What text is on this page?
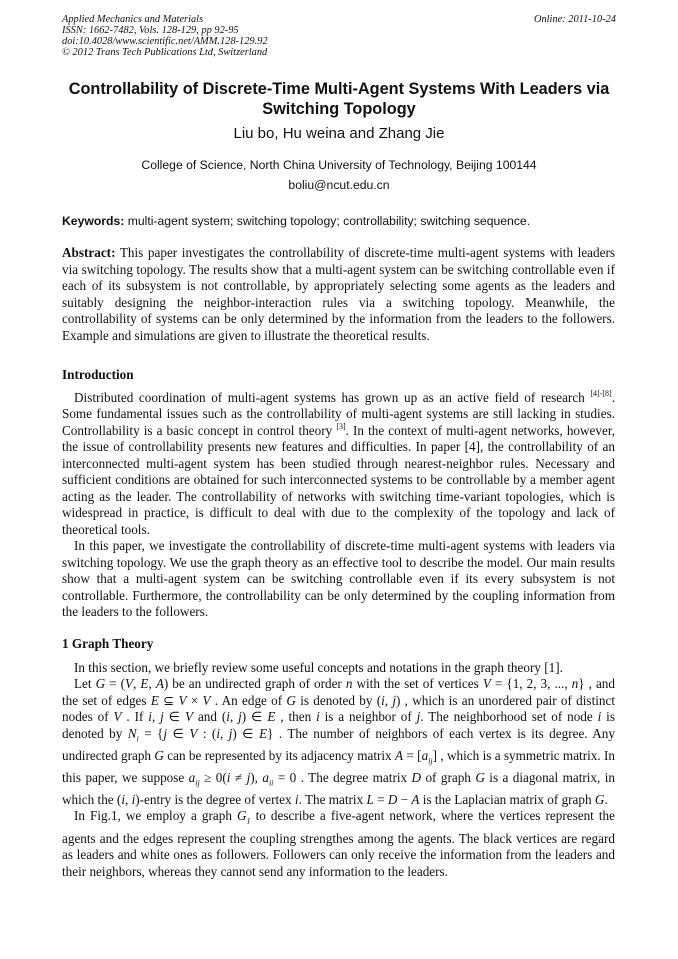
Applied Mechanics and Materials
ISSN: 1662-7482, Vols. 128-129, pp 92-95
doi:10.4028/www.scientific.net/AMM.128-129.92
© 2012 Trans Tech Publications Ltd, Switzerland
Online: 2011-10-24
Controllability of Discrete-Time Multi-Agent Systems With Leaders via Switching Topology
Liu bo, Hu weina and Zhang Jie
College of Science, North China University of Technology, Beijing 100144
boliu@ncut.edu.cn
Keywords: multi-agent system; switching topology; controllability; switching sequence.

Abstract: This paper investigates the controllability of discrete-time multi-agent systems with leaders via switching topology. The results show that a multi-agent system can be switching controllable even if each of its subsystem is not controllable, by appropriately selecting some agents as the leaders and suitably designing the neighbor-interaction rules via a switching topology. Meanwhile, the controllability of systems can be only determined by the information from the leaders to the followers. Example and simulations are given to illustrate the theoretical results.

Introduction

Distributed coordination of multi-agent systems has grown up as an active field of research [4]-[8]. Some fundamental issues such as the controllability of multi-agent systems are still lacking in studies. Controllability is a basic concept in control theory [3]. In the context of multi-agent networks, however, the issue of controllability presents new features and difficulties. In paper [4], the controllability of an interconnected multi-agent system has been studied through nearest-neighbor rules. Necessary and sufficient conditions are obtained for such interconnected systems to be controllable by a member agent acting as the leader. The controllability of networks with switching time-variant topologies, which is widespread in practice, is difficult to deal with due to the complexity of the topology and lack of theoretical tools.

In this paper, we investigate the controllability of discrete-time multi-agent systems with leaders via switching topology. We use the graph theory as an effective tool to describe the model. Our main results show that a multi-agent system can be switching controllable even if its every subsystem is not controllable. Furthermore, the controllability can be only determined by the coupling information from the leaders to the followers.

1 Graph Theory

In this section, we briefly review some useful concepts and notations in the graph theory [1].

Let G = (V, E, A) be an undirected graph of order n with the set of vertices V = {1, 2, 3, ..., n} , and the set of edges E ⊆ V × V . An edge of G is denoted by (i, j) , which is an unordered pair of distinct nodes of V . If i, j ∈ V and (i, j) ∈ E , then i is a neighbor of j. The neighborhood set of node i is denoted by $N_i = \{j$ ∈ V : (i, j) ∈ E} . The number of neighbors of each vertex is its degree. Any undirected graph G can be represented by its adjacency matrix $A = [a_{ij}]$ , which is a symmetric matrix. In this paper, we suppose $a_{ij} \ge 0(i \ne j)$, $a_{ii} = 0$ . The degree matrix D of graph G is a diagonal matrix, in which the (i, i)-entry is the degree of vertex i. The matrix L = D − A is the Laplacian matrix of graph G.

In Fig.1, we employ a graph $G_1$ to describe a five-agent network, where the vertices represent the agents and the edges represent the coupling strengthes among the agents. The black vertices are regard as leaders and white ones as followers. Followers can only receive the information from the leaders and their neighbors, whereas they cannot send any information to the leaders.
